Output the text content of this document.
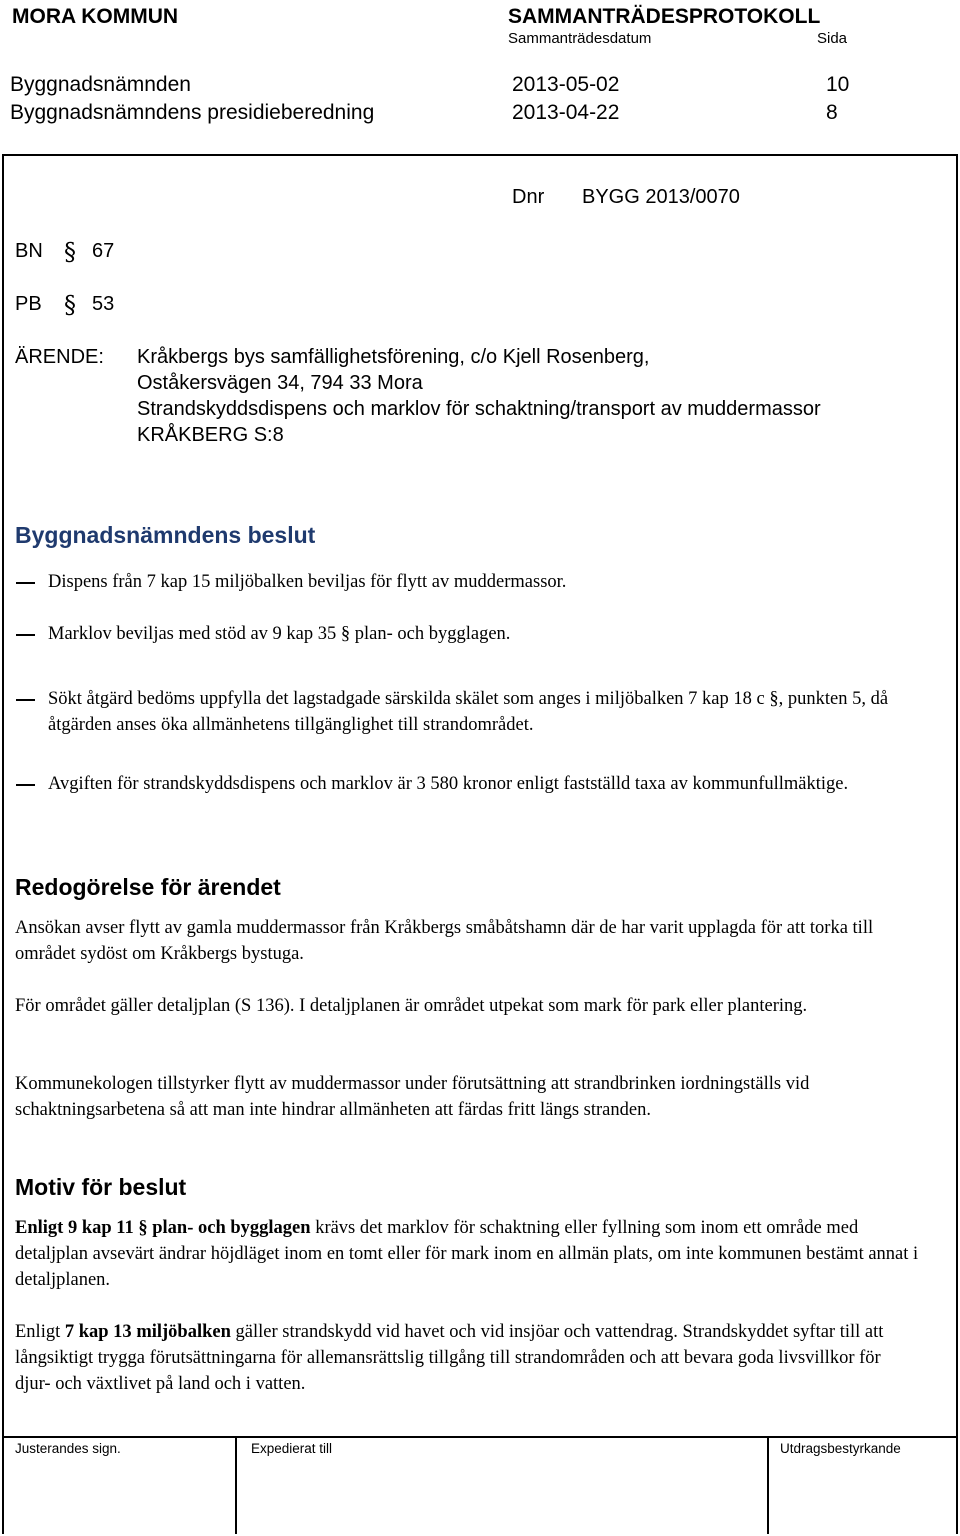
MORA KOMMUN	SAMMANTRÄDESPROTOKOLL
Sammanträdesdatum	Sida
Byggnadsnämnden	2013-05-02	10
Byggnadsnämndens presidieberedning	2013-04-22	8
Dnr BYGG 2013/0070
BN § 67
PB § 53
ÄRENDE: Kråkbergs bys samfällighetsförening, c/o Kjell Rosenberg,
Oståkersvägen 34, 794 33 Mora
Strandskyddsdispens och marklov för schaktning/transport av muddermassor
KRÅKBERG S:8
Byggnadsnämndens beslut
Dispens från 7 kap 15 miljöbalken beviljas för flytt av muddermassor.
Marklov beviljas med stöd av 9 kap 35 § plan- och bygglagen.
Sökt åtgärd bedöms uppfylla det lagstadgade särskilda skälet som anges i miljöbalken 7 kap 18 c §, punkten 5, då åtgärden anses öka allmänhetens tillgänglighet till strandområdet.
Avgiften för strandskyddsdispens och marklov är 3 580 kronor enligt fastställd taxa av kommunfullmäktige.
Redogörelse för ärendet
Ansökan avser flytt av gamla muddermassor från Kråkbergs småbåtshamn där de har varit upplagda för att torka till området sydöst om Kråkbergs bystuga.
För området gäller detaljplan (S 136). I detaljplanen är området utpekat som mark för park eller plantering.
Kommunekologen tillstyrker flytt av muddermassor under förutsättning att strandbrinken iordningställs vid schaktningsarbetena så att man inte hindrar allmänheten att färdas fritt längs stranden.
Motiv för beslut
Enligt 9 kap 11 § plan- och bygglagen krävs det marklov för schaktning eller fyllning som inom ett område med detaljplan avsevärt ändrar höjdläget inom en tomt eller för mark inom en allmän plats, om inte kommunen bestämt annat i detaljplanen.
Enligt 7 kap 13 miljöbalken gäller strandskydd vid havet och vid insjöar och vattendrag. Strandskyddet syftar till att långsiktigt trygga förutsättningarna för allemansrättslig tillgång till strandområden och att bevara goda livsvillkor för djur- och växtlivet på land och i vatten.
Justerandes sign.	Expedierat till	Utdragsbestyrkande
